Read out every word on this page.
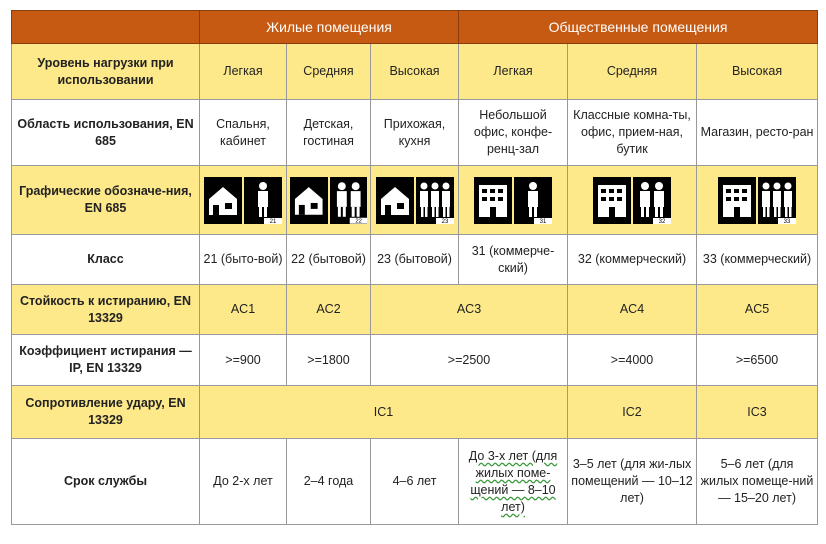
	Жилые помещения			Общественные помещения		
Уровень нагрузки при использовании	Легкая	Средняя	Высокая	Легкая	Средняя	Высокая
Область использования, EN 685	Спальня, кабинет	Детская, гостиная	Прихожая, кухня	Небольшой офис, конфе-ренц-зал	Классные комна-ты, офис, прием-ная, бутик	Магазин, ресто-ран
Графические обозначе-ния, EN 685	21	22	23	31	32	33

Класс	21 (быто-вой)	22 (бытовой)	23 (бытовой)	31 (коммерче-ский)	32 (коммерческий)	33 (коммерческий)
Стойкость к истиранию, EN 13329	AC1	AC2	AC3		AC4	AC5
Коэффициент истирания — IP, EN 13329	>=900	>=1800	>=2500		>=4000	>=6500
Сопротивление удару, EN 13329	IC1				IC2	IC3
Срок службы	До 2-х лет	2–4 года	4–6 лет	До 3-х лет (для жилых поме-щений — 8–10 лет)	3–5 лет (для жи-лых помещений — 10–12 лет)	5–6 лет (для жилых помеще-ний — 15–20 лет)
